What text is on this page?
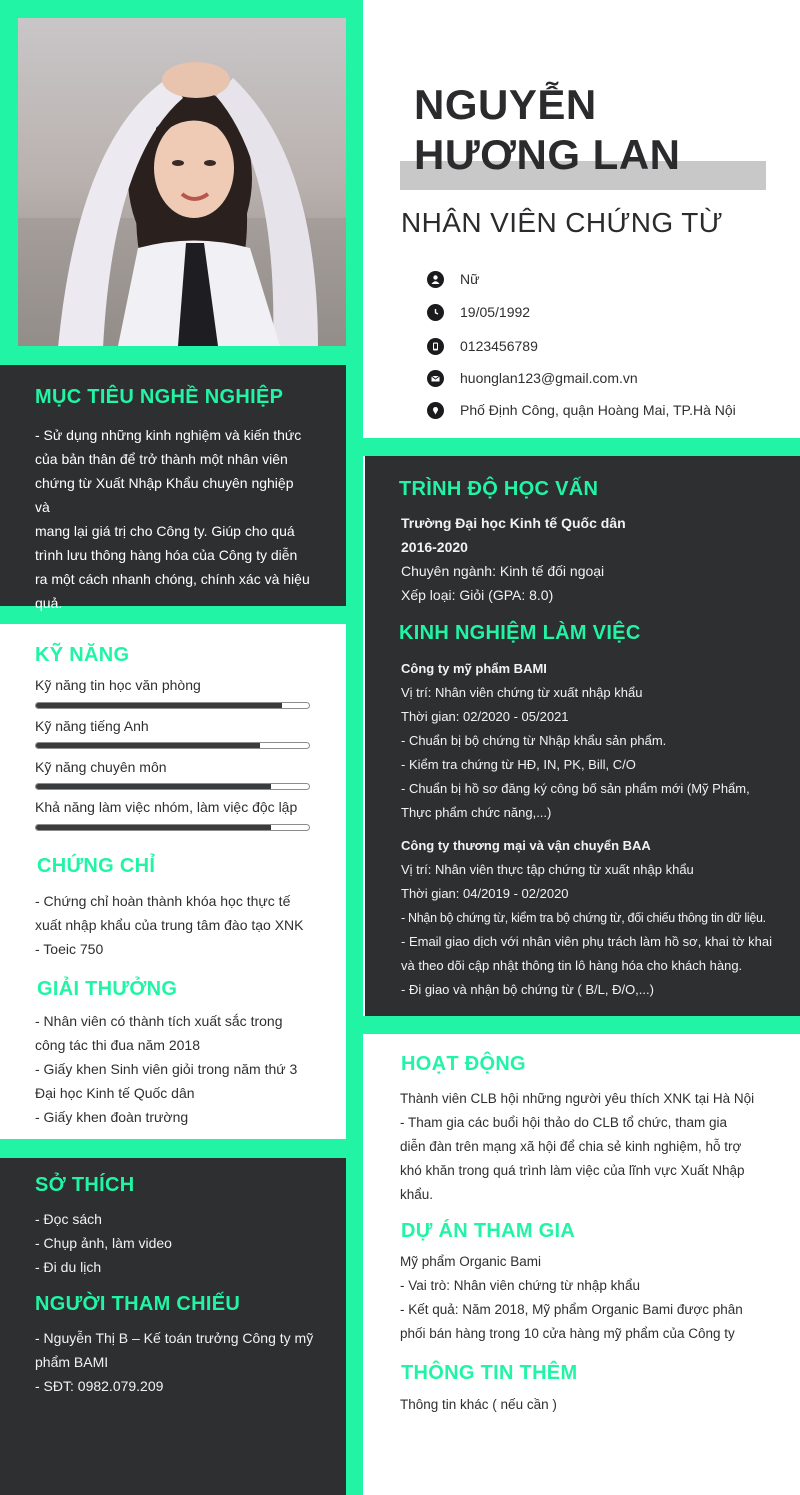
MỤC TIÊU NGHỀ NGHIỆP
- Sử dụng những kinh nghiệm và kiến thức
của bản thân để trở thành một nhân viên
chứng từ Xuất Nhập Khẩu chuyên nghiệp và
mang lại giá trị cho Công ty. Giúp cho quá
trình lưu thông hàng hóa của Công ty diễn
ra một cách nhanh chóng, chính xác và hiệu
quả.
KỸ NĂNG
Kỹ năng tin học văn phòng
Kỹ năng tiếng Anh
Kỹ năng chuyên môn
Khả năng làm việc nhóm, làm việc độc lập
CHỨNG CHỈ
- Chứng chỉ hoàn thành khóa học thực tế
xuất nhập khẩu của trung tâm đào tạo XNK
- Toeic 750
GIẢI THƯỞNG
- Nhân viên có thành tích xuất sắc trong
công tác thi đua năm 2018
- Giấy khen Sinh viên giỏi trong năm thứ 3
Đại học Kinh tế Quốc dân
- Giấy khen đoàn trường
SỞ THÍCH
- Đọc sách
- Chụp ảnh, làm video
- Đi du lịch
NGƯỜI THAM CHIẾU
- Nguyễn Thị B – Kế toán trưởng Công ty mỹ
phẩm BAMI
- SĐT: 0982.079.209
NGUYỄN
HƯƠNG LAN
NHÂN VIÊN CHỨNG TỪ
Nữ
19/05/1992
0123456789
huonglan123@gmail.com.vn
Phố Định Công, quận Hoàng Mai, TP.Hà Nội
TRÌNH ĐỘ HỌC VẤN
Trường Đại học Kinh tế Quốc dân
2016-2020
Chuyên ngành: Kinh tế đối ngoại
Xếp loại: Giỏi (GPA: 8.0)
KINH NGHIỆM LÀM VIỆC
Công ty mỹ phẩm BAMI
Vị trí: Nhân viên chứng từ xuất nhập khẩu
Thời gian: 02/2020 - 05/2021
- Chuẩn bị bộ chứng từ Nhập khẩu sản phẩm.
- Kiểm tra chứng từ HĐ, IN, PK, Bill, C/O
- Chuẩn bị hồ sơ đăng ký công bố sản phẩm mới (Mỹ Phẩm,
Thực phẩm chức năng,...)
Công ty thương mại và vận chuyển BAA
Vị trí: Nhân viên thực tập chứng từ xuất nhập khẩu
Thời gian: 04/2019 - 02/2020
- Nhận bộ chứng từ, kiểm tra bộ chứng từ, đối chiếu thông tin dữ liệu.
- Email giao dịch với nhân viên phụ trách làm hồ sơ, khai tờ khai
và theo dõi cập nhật thông tin lô hàng hóa cho khách hàng.
- Đi giao và nhận bộ chứng từ ( B/L, Đ/O,...)
HOẠT ĐỘNG
Thành viên CLB hội những người yêu thích XNK tại Hà Nội
- Tham gia các buổi hội thảo do CLB tổ chức, tham gia
diễn đàn trên mạng xã hội để chia sẻ kinh nghiệm, hỗ trợ
khó khăn trong quá trình làm việc của lĩnh vực Xuất Nhập
khẩu.
DỰ ÁN THAM GIA
Mỹ phẩm Organic Bami
- Vai trò: Nhân viên chứng từ nhập khẩu
- Kết quả: Năm 2018, Mỹ phẩm Organic Bami được phân
phối bán hàng trong 10 cửa hàng mỹ phẩm của Công ty
THÔNG TIN THÊM
Thông tin khác ( nếu cần )
